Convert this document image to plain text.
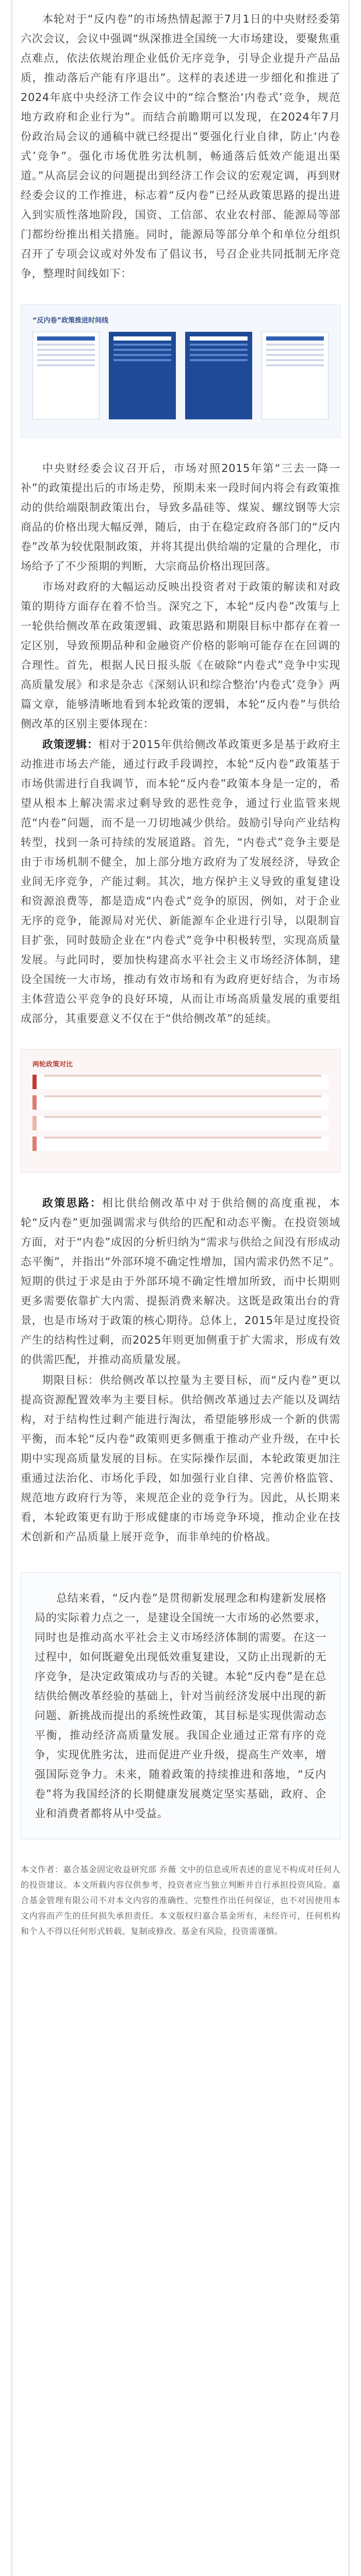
本轮对于“反内卷”的市场热情起源于7月1日的中央财经委第六次会议，会议中强调“纵深推进全国统一大市场建设，要聚焦重点难点，依法依规治理企业低价无序竞争，引导企业提升产品品质，推动落后产能有序退出”。这样的表述进一步细化和推进了2024年底中央经济工作会议中的“综合整治‘内卷式’竞争，规范地方政府和企业行为”。而结合前瞻期可以发现，在2024年7月份政治局会议的通稿中就已经提出“要强化行业自律，防止‘内卷式’竞争”。强化市场优胜劣汰机制，畅通落后低效产能退出渠道。”从高层会议的问题提出到经济工作会议的宏观定调，再到财经委会议的工作推进，标志着“反内卷”已经从政策思路的提出进入到实质性落地阶段，国资、工信部、农业农村部、能源局等部门都纷纷推出相关措施。同时，能源局等部分单个和单位分组织召开了专项会议或对外发布了倡议书，号召企业共同抵制无序竞争，整理时间线如下：

“反内卷”政策推进时间线

中央财经委会议召开后，市场对照2015年第“三去一降一补”的政策提出后的市场走势，预期未来一段时间内将会有政策推动的供给端限制政策出台，导致多晶硅等、煤炭、螺纹钢等大宗商品的价格出现大幅反弹，随后，由于在稳定政府各部门的“反内卷”改革为较优限制政策，并将其提出供给端的定量的合理化，市场给予了不少预期的判断，大宗商品价格出现回落。

市场对政府的大幅运动反映出投资者对于政策的解读和对政策的期待方面存在着不恰当。深究之下，本轮“反内卷”改策与上一轮供给侧改革在政策逻辑、政策思路和期限目标中都存在着一定区别，导致预期品种和金融资产价格的影响可能存在在回调的合理性。首先，根据人民日报头版《在破除“内卷式”竞争中实现高质量发展》和求是杂志《深刻认识和综合整治‘内卷式’竞争》两篇文章，能够清晰地看到本轮政策的逻辑，本轮“反内卷”与供给侧改革的区别主要体现在：

政策逻辑：相对于2015年供给侧改革政策更多是基于政府主动推进市场去产能，通过行政手段调控，本轮“反内卷”政策基于市场供需进行自我调节，而本轮“反内卷”政策本身是一定的，希望从根本上解决需求过剩导致的恶性竞争，通过行业监管来规范“内卷”问题，而不是一刀切地减少供给。鼓励引导向产业结构转型，找到一条可持续的发展道路。首先，“内卷式”竞争主要是由于市场机制不健全，加上部分地方政府为了发展经济，导致企业间无序竞争，产能过剩。其次，地方保护主义导致的重复建设和资源浪费等，都是造成“内卷式”竞争的原因，例如，对于企业无序的竞争，能源局对光伏、新能源车企业进行引导，以限制盲目扩张，同时鼓励企业在“内卷式”竞争中积极转型，实现高质量发展。与此同时，要加快构建高水平社会主义市场经济体制，建设全国统一大市场，推动有效市场和有为政府更好结合，为市场主体营造公平竞争的良好环境，从而让市场高质量发展的重要组成部分，其重要意义不仅在于“供给侧改革”的延续。

两轮政策对比

政策思路：相比供给侧改革中对于供给侧的高度重视，本轮“反内卷”更加强调需求与供给的匹配和动态平衡。在投资领域方面，对于“内卷”成因的分析归纳为“需求与供给之间没有形成动态平衡”，并指出“外部环境不确定性增加，国内需求仍然不足”。短期的供过于求是由于外部环境不确定性增加所致，而中长期则更多需要依靠扩大内需、提振消费来解决。这既是政策出台的背景，也是市场对于政策的核心期待。总体上，2015年是过度投资产生的结构性过剩，而2025年则更加侧重于扩大需求，形成有效的供需匹配，并推动高质量发展。

期限目标：供给侧改革以控量为主要目标，而“反内卷”更以提高资源配置效率为主要目标。供给侧改革通过去产能以及调结构，对于结构性过剩产能进行淘汰，希望能够形成一个新的供需平衡，而本轮“反内卷”政策则更多侧重于推动产业升级，在中长期中实现高质量发展的目标。在实际操作层面，本轮政策更加注重通过法治化、市场化手段，如加强行业自律、完善价格监管、规范地方政府行为等，来规范企业的竞争行为。因此，从长期来看，本轮政策更有助于形成健康的市场竞争环境，推动企业在技术创新和产品质量上展开竞争，而非单纯的价格战。

总结来看，“反内卷”是贯彻新发展理念和构建新发展格局的实际着力点之一，是建设全国统一大市场的必然要求，同时也是推动高水平社会主义市场经济体制的需要。在这一过程中，如何既避免出现低效重复建设，又防止出现新的无序竞争，是决定政策成功与否的关键。本轮“反内卷”是在总结供给侧改革经验的基础上，针对当前经济发展中出现的新问题、新挑战而提出的系统性政策，其目标是实现供需动态平衡，推动经济高质量发展。我国企业通过正常有序的竞争，实现优胜劣汰，进而促进产业升级，提高生产效率，增强国际竞争力。未来，随着政策的持续推进和落地，“反内卷”将为我国经济的长期健康发展奠定坚实基础，政府、企业和消费者都将从中受益。

本文作者：嘉合基金固定收益研究部 乔薇 文中的信息或所表述的意见不构成对任何人的投资建议。本文所载内容仅供参考，投资者应当独立判断并自行承担投资风险。嘉合基金管理有限公司不对本文内容的准确性、完整性作出任何保证，也不对因使用本文内容而产生的任何损失承担责任。本文版权归嘉合基金所有，未经许可，任何机构和个人不得以任何形式转载、复制或修改。基金有风险，投资需谨慎。
